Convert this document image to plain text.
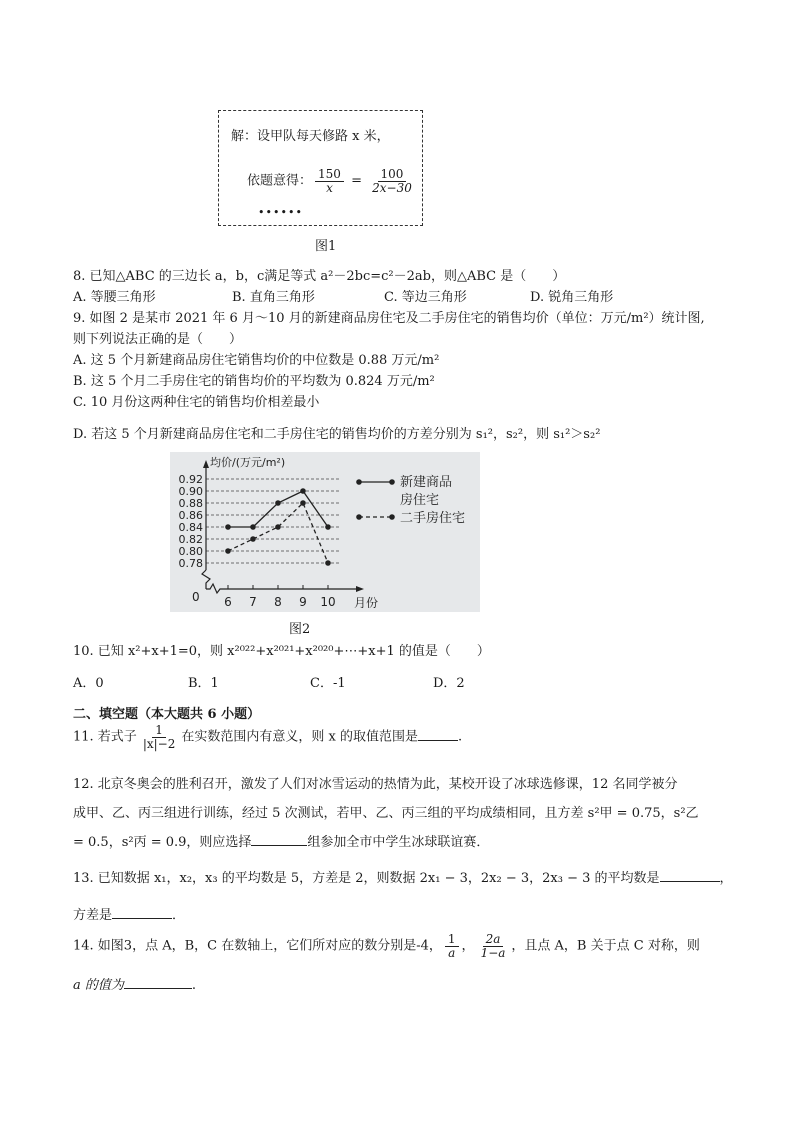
解：设甲队每天修路 x 米，
依题意得： $\frac{150}{x} = \frac{100}{2x-30}$
••••••
图1
8. 已知△ABC 的三边长 a，b，c满足等式 a²－2bc=c²－2ab，则△ABC 是（　　）
A. 等腰三角形	B. 直角三角形	C. 等边三角形	D. 锐角三角形
9. 如图 2 是某市 2021 年 6 月～10 月的新建商品房住宅及二手房住宅的销售均价（单位：万元/m²）统计图,
则下列说法正确的是（　　）
A. 这 5 个月新建商品房住宅销售均价的中位数是 0.88 万元/m²
B. 这 5 个月二手房住宅的销售均价的平均数为 0.824 万元/m²
C. 10 月份这两种住宅的销售均价相差最小
D. 若这 5 个月新建商品房住宅和二手房住宅的销售均价的方差分别为 s₁²，s₂²，则 s₁²＞s₂²
0.92
0.90
0.88
0.86
0.84
0.82
0.80
0.78
0 6 7 8 9 10
均价/(万元/m²)
月份
新建商品
房住宅
二手房住宅
图2
10. 已知 x²+x+1=0，则 x²⁰²²+x²⁰²¹+x²⁰²⁰+⋯+x+1 的值是（　　）
A．0	B．1	C．-1	D．2
二、填空题（本大题共 6 小题）
11. 若式子 $\frac{1}{|x|-2}$ 在实数范围内有意义，则 x 的取值范围是	.
12. 北京冬奥会的胜利召开，激发了人们对冰雪运动的热情为此，某校开设了冰球选修课，12 名同学被分
成甲、乙、丙三组进行训练，经过 5 次测试，若甲、乙、丙三组的平均成绩相同，且方差 s²甲 = 0.75，s²乙
= 0.5，s²丙 = 0.9，则应选择	组参加全市中学生冰球联谊赛．
13. 已知数据 x₁，x₂，x₃ 的平均数是 5，方差是 2，则数据 2x₁ − 3，2x₂ − 3，2x₃ − 3 的平均数是	，
方差是	．
14. 如图3，点 A，B，C 在数轴上，它们所对应的数分别是-4， $\frac{1}{a}$ ， $\frac{2a}{1-a}$ ，且点 A，B 关于点 C 对称，则
a 的值为	.
